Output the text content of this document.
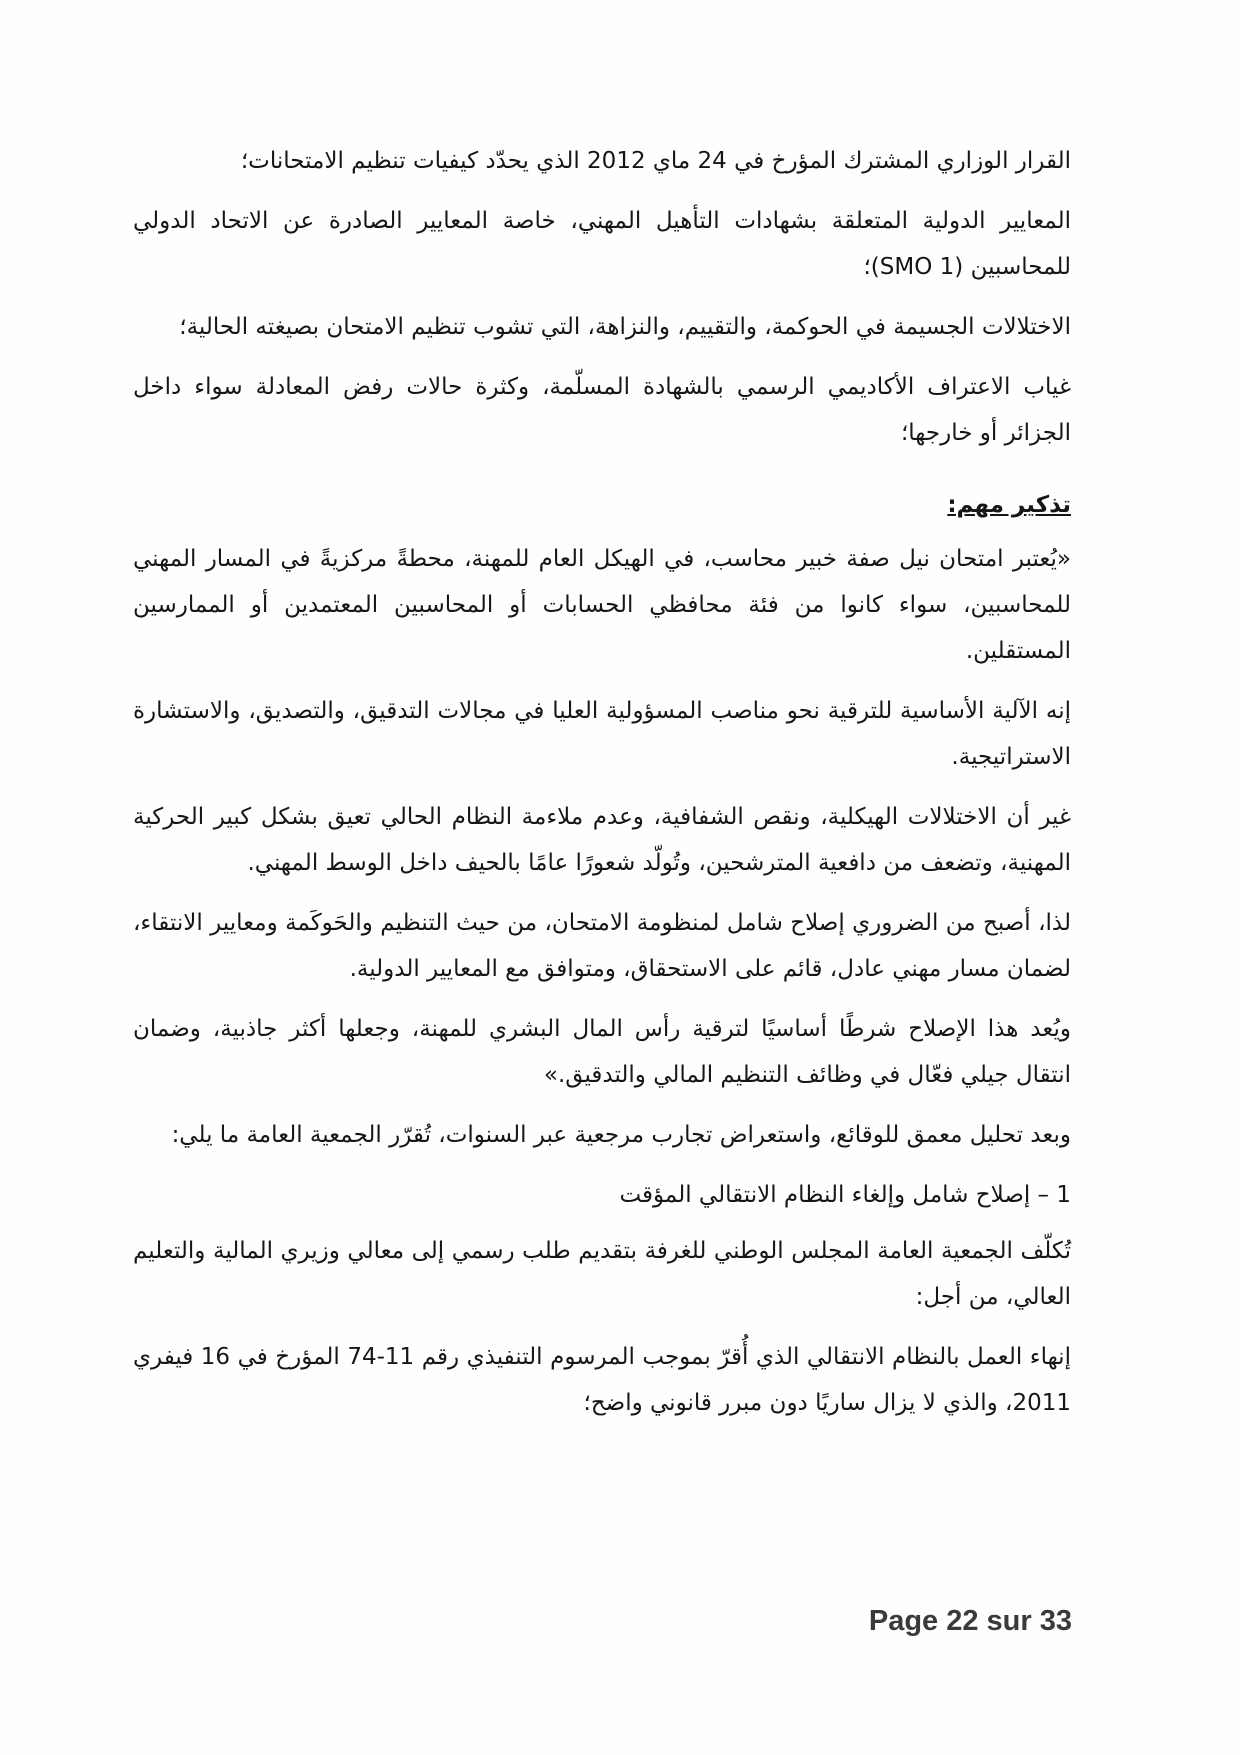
القرار الوزاري المشترك المؤرخ في 24 ماي 2012 الذي يحدّد كيفيات تنظيم الامتحانات؛

المعايير الدولية المتعلقة بشهادات التأهيل المهني، خاصة المعايير الصادرة عن الاتحاد الدولي للمحاسبين (SMO 1)؛

الاختلالات الجسيمة في الحوكمة، والتقييم، والنزاهة، التي تشوب تنظيم الامتحان بصيغته الحالية؛

غياب الاعتراف الأكاديمي الرسمي بالشهادة المسلّمة، وكثرة حالات رفض المعادلة سواء داخل الجزائر أو خارجها؛

تذكير مهم:

«يُعتبر امتحان نيل صفة خبير محاسب، في الهيكل العام للمهنة، محطةً مركزيةً في المسار المهني للمحاسبين، سواء كانوا من فئة محافظي الحسابات أو المحاسبين المعتمدين أو الممارسين المستقلين.

إنه الآلية الأساسية للترقية نحو مناصب المسؤولية العليا في مجالات التدقيق، والتصديق، والاستشارة الاستراتيجية.

غير أن الاختلالات الهيكلية، ونقص الشفافية، وعدم ملاءمة النظام الحالي تعيق بشكل كبير الحركية المهنية، وتضعف من دافعية المترشحين، وتُولّد شعورًا عامًا بالحيف داخل الوسط المهني.

لذا، أصبح من الضروري إصلاح شامل لمنظومة الامتحان، من حيث التنظيم والحَوكَمة ومعايير الانتقاء، لضمان مسار مهني عادل، قائم على الاستحقاق، ومتوافق مع المعايير الدولية.

ويُعد هذا الإصلاح شرطًا أساسيًا لترقية رأس المال البشري للمهنة، وجعلها أكثر جاذبية، وضمان انتقال جيلي فعّال في وظائف التنظيم المالي والتدقيق.»

وبعد تحليل معمق للوقائع، واستعراض تجارب مرجعية عبر السنوات، تُقرّر الجمعية العامة ما يلي:

1 – إصلاح شامل وإلغاء النظام الانتقالي المؤقت

تُكلّف الجمعية العامة المجلس الوطني للغرفة بتقديم طلب رسمي إلى معالي وزيري المالية والتعليم العالي، من أجل:

إنهاء العمل بالنظام الانتقالي الذي أُقرّ بموجب المرسوم التنفيذي رقم 11-74 المؤرخ في 16 فيفري 2011، والذي لا يزال ساريًا دون مبرر قانوني واضح؛

Page 22 sur 33
